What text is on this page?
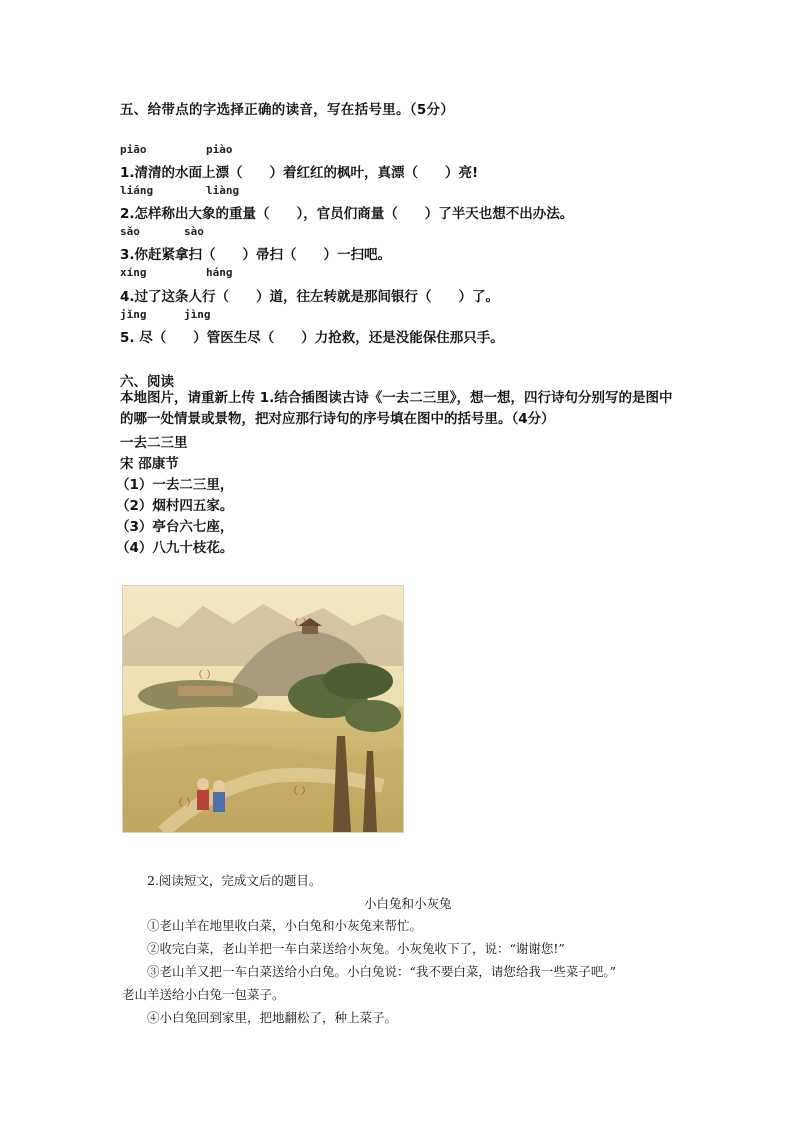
五、给带点的字选择正确的读音，写在括号里。（5分）
piāo	piào
1.清清的水面上漂（　　）着红红的枫叶，真漂（　　）亮!
liáng	liàng
2.怎样称出大象的重量（　　），官员们商量（　　）了半天也想不出办法。
sǎo	sào
3.你赶紧拿扫（　　）帚扫（　　）一扫吧。
xíng	háng
4.过了这条人行（　　）道，往左转就是那间银行（　　）了。
jǐng	jìng
5. 尽（　　）管医生尽（　　）力抢救，还是没能保住那只手。
六、阅读
本地图片，请重新上传 1.结合插图读古诗《一去二三里》，想一想，四行诗句分别写的是图中的哪一处情景或景物，把对应那行诗句的序号填在图中的括号里。（4分）
一去二三里
宋 邵康节
（1）一去二三里，
（2）烟村四五家。
（3）亭台六七座，
（4）八九十枝花。
（ ）
（ ）
（ ）
（ ）
2.阅读短文，完成文后的题目。
小白兔和小灰兔
①老山羊在地里收白菜，小白兔和小灰兔来帮忙。
②收完白菜，老山羊把一车白菜送给小灰兔。小灰兔收下了，说：“谢谢您!”
③老山羊又把一车白菜送给小白兔。小白兔说：“我不要白菜，请您给我一些菜子吧。”
老山羊送给小白兔一包菜子。
④小白兔回到家里，把地翻松了，种上菜子。
